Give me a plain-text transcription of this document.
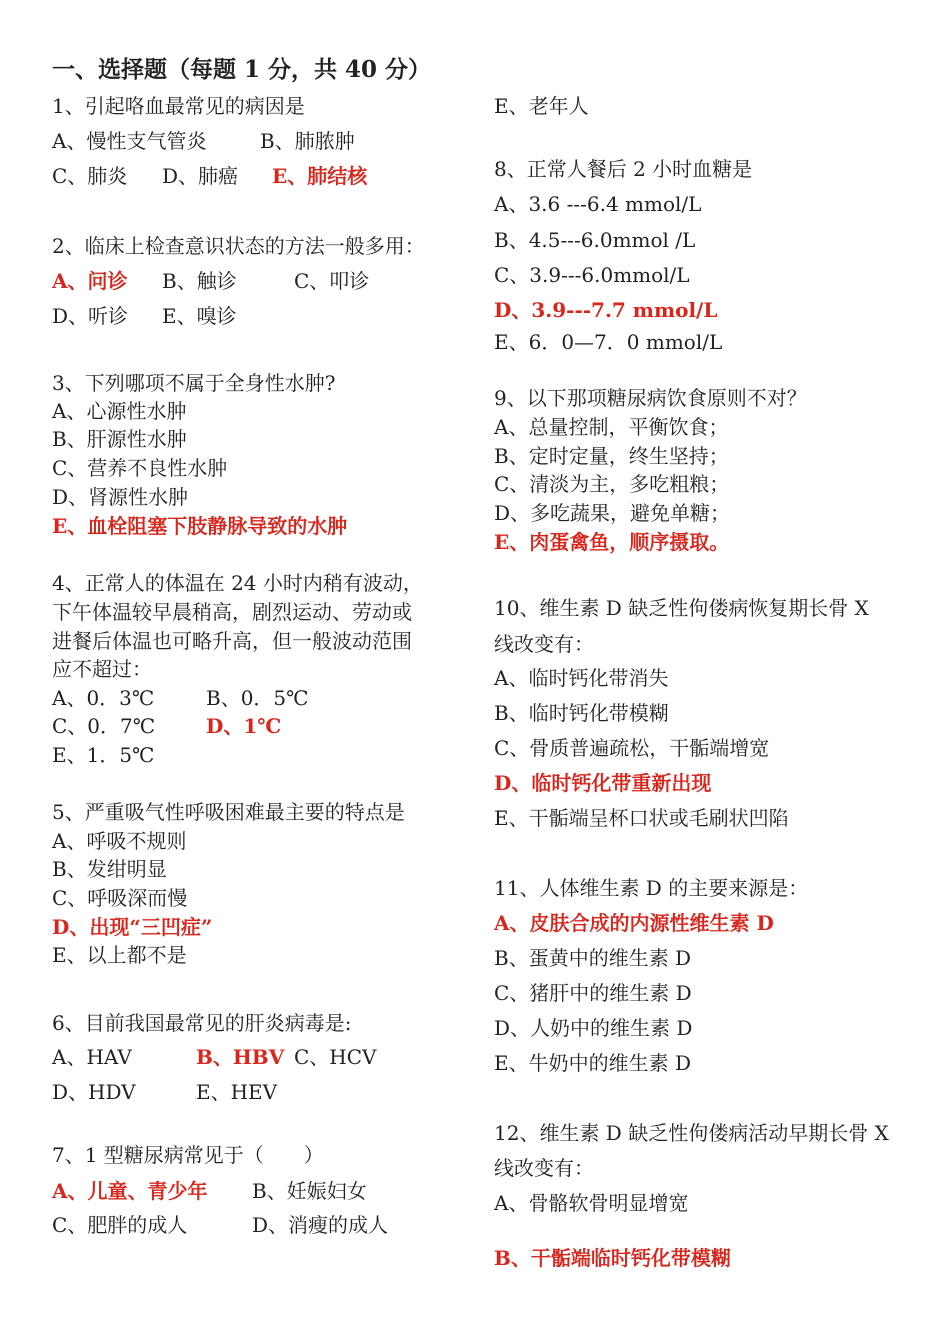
一、选择题（每题 1 分，共 40 分）
1、引起咯血最常见的病因是
A、慢性支气管炎	B、肺脓肿
C、肺炎 D、肺癌 E、肺结核
2、临床上检查意识状态的方法一般多用：
A、问诊 B、触诊	C、叩诊
D、听诊 E、嗅诊
3、下列哪项不属于全身性水肿?
A、心源性水肿
B、肝源性水肿
C、营养不良性水肿
D、肾源性水肿
E、血栓阻塞下肢静脉导致的水肿
4、正常人的体温在 24 小时内稍有波动，
下午体温较早晨稍高，剧烈运动、劳动或
进餐后体温也可略升高，但一般波动范围
应不超过：
A、0．3℃	B、0．5℃
C、0．7℃	D、1℃
E、1．5℃
5、严重吸气性呼吸困难最主要的特点是
A、呼吸不规则
B、发绀明显
C、呼吸深而慢
D、出现“三凹症”
E、以上都不是
6、目前我国最常见的肝炎病毒是:
A、HAV	B、HBV C、HCV
D、HDV	E、HEV
7、1 型糖尿病常见于（　　）
A、儿童、青少年 B、妊娠妇女
C、肥胖的成人	D、消瘦的成人
E、老年人
8、正常人餐后 2 小时血糖是
A、3.6 ---6.4 mmol/L
B、4.5---6.0mmol /L
C、3.9---6.0mmol/L
D、3.9---7.7 mmol/L
E、6．0—7．0 mmol/L
9、以下那项糖尿病饮食原则不对？
A、总量控制，平衡饮食；
B、定时定量，终生坚持；
C、清淡为主，多吃粗粮；
D、多吃蔬果，避免单糖；
E、肉蛋禽鱼，顺序摄取。
10、维生素 D 缺乏性佝偻病恢复期长骨 X
线改变有：
A、临时钙化带消失
B、临时钙化带模糊
C、骨质普遍疏松，干骺端增宽
D、临时钙化带重新出现
E、干骺端呈杯口状或毛刷状凹陷
11、人体维生素 D 的主要来源是：
A、皮肤合成的内源性维生素 D
B、蛋黄中的维生素 D
C、猪肝中的维生素 D
D、人奶中的维生素 D
E、牛奶中的维生素 D
12、维生素 D 缺乏性佝偻病活动早期长骨 X
线改变有：
A、骨骼软骨明显增宽
B、干骺端临时钙化带模糊
